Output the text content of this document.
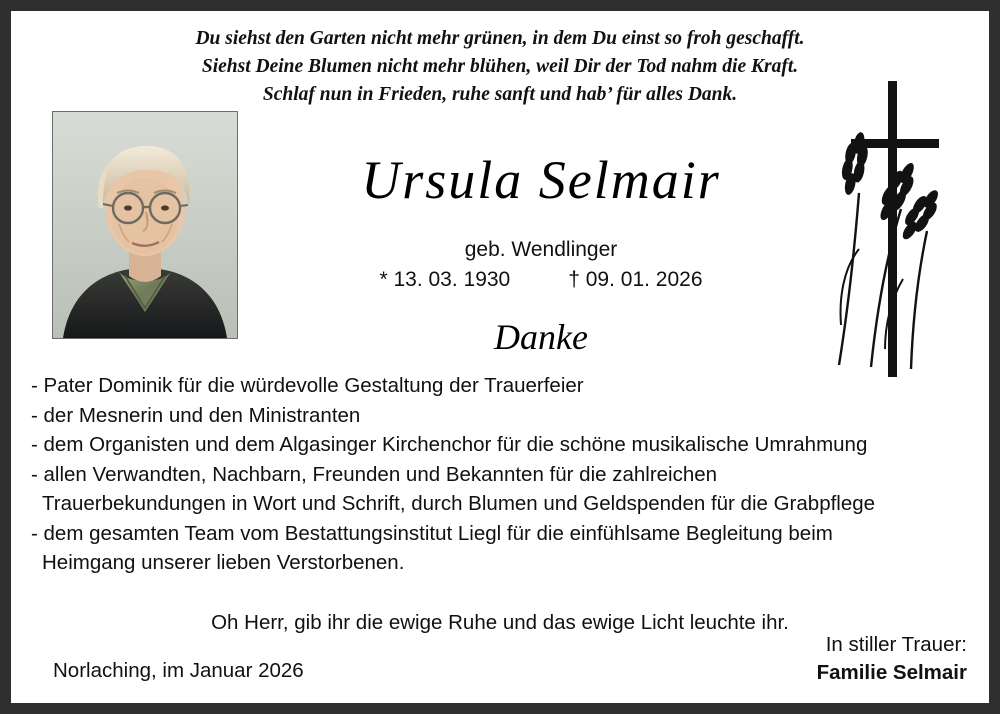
Du siehst den Garten nicht mehr grünen, in dem Du einst so froh geschafft.
Siehst Deine Blumen nicht mehr blühen, weil Dir der Tod nahm die Kraft.
Schlaf nun in Frieden, ruhe sanft und hab’ für alles Dank.
Ursula Selmair
geb. Wendlinger
* 13. 03. 1930	† 09. 01. 2026
Danke
- Pater Dominik für die würdevolle Gestaltung der Trauerfeier
- der Mesnerin und den Ministranten
- dem Organisten und dem Algasinger Kirchenchor für die schöne musikalische Umrahmung
- allen Verwandten, Nachbarn, Freunden und Bekannten für die zahlreichen
Trauerbekundungen in Wort und Schrift, durch Blumen und Geldspenden für die Grabpflege
- dem gesamten Team vom Bestattungsinstitut Liegl für die einfühlsame Begleitung beim
Heimgang unserer lieben Verstorbenen.
Oh Herr, gib ihr die ewige Ruhe und das ewige Licht leuchte ihr.
Norlaching, im Januar 2026
In stiller Trauer:
Familie Selmair
